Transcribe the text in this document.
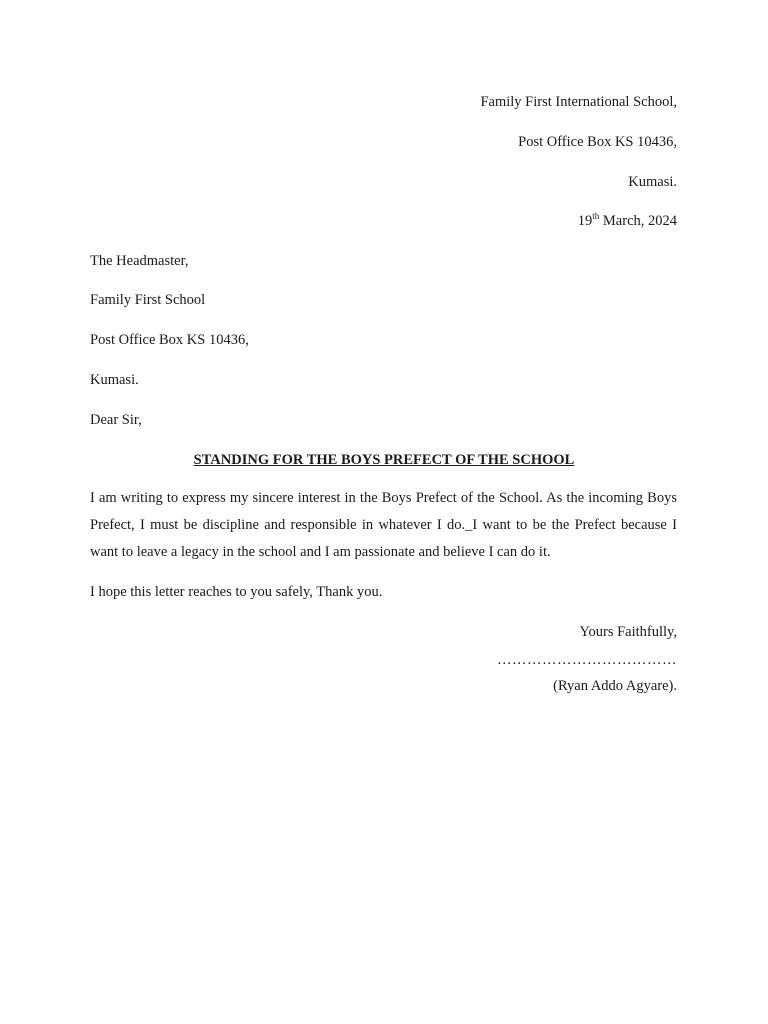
Family First International School,
Post Office Box KS 10436,
Kumasi.
19th March, 2024
The Headmaster,
Family First School
Post Office Box KS 10436,
Kumasi.
Dear Sir,
STANDING FOR THE BOYS PREFECT OF THE SCHOOL
I am writing to express my sincere interest in the Boys Prefect of the School. As the incoming Boys Prefect, I must be discipline and responsible in whatever I do._I want to be the Prefect because I want to leave a legacy in the school and I am passionate and believe I can do it.
I hope this letter reaches to you safely, Thank you.
Yours Faithfully,
………………………………
(Ryan Addo Agyare).
